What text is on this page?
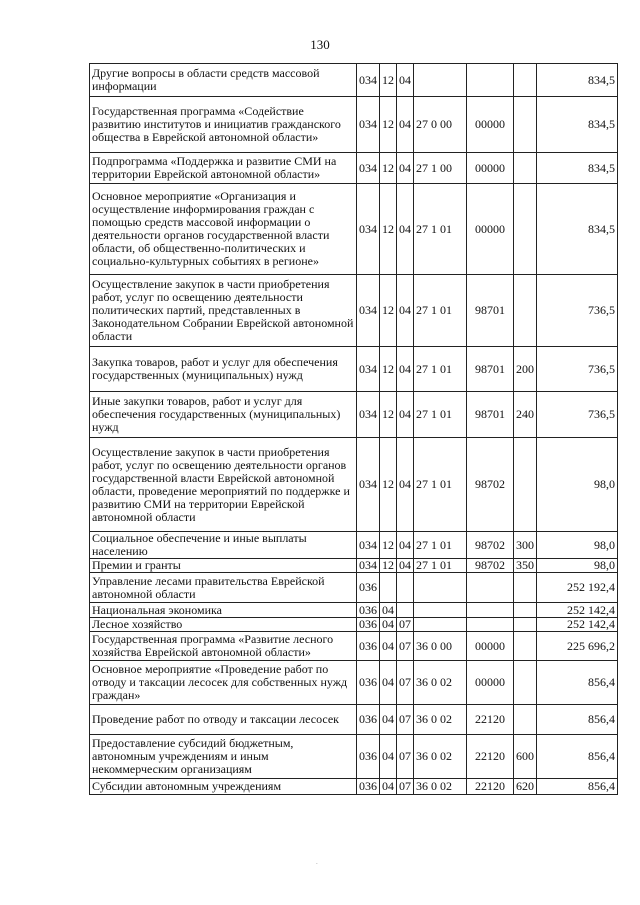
130
Другие вопросы в области средств массовой информации	034	12	04				834,5
Государственная программа «Содействие развитию институтов и инициатив гражданского общества в Еврейской автономной области»	034	12	04	27 0 00	00000		834,5
Подпрограмма «Поддержка и развитие СМИ на территории Еврейской автономной области»	034	12	04	27 1 00	00000		834,5
Основное мероприятие «Организация и осуществление информирования граждан с помощью средств массовой информации о деятельности органов государственной власти области, об общественно-политических и социально-культурных событиях в регионе»	034	12	04	27 1 01	00000		834,5
Осуществление закупок в части приобретения работ, услуг по освещению деятельности политических партий, представленных в Законодательном Собрании Еврейской автономной области	034	12	04	27 1 01	98701		736,5
Закупка товаров, работ и услуг для обеспечения государственных (муниципальных) нужд	034	12	04	27 1 01	98701	200	736,5
Иные закупки товаров, работ и услуг для обеспечения государственных (муниципальных) нужд	034	12	04	27 1 01	98701	240	736,5
Осуществление закупок в части приобретения работ, услуг по освещению деятельности органов государственной власти Еврейской автономной области, проведение мероприятий по поддержке и развитию СМИ на территории Еврейской автономной области	034	12	04	27 1 01	98702		98,0
Социальное обеспечение и иные выплаты населению	034	12	04	27 1 01	98702	300	98,0
Премии и гранты	034	12	04	27 1 01	98702	350	98,0
Управление лесами правительства Еврейской автономной области	036						252 192,4
Национальная экономика	036	04					252 142,4
Лесное хозяйство	036	04	07				252 142,4
Государственная программа «Развитие лесного хозяйства Еврейской автономной области»	036	04	07	36 0 00	00000		225 696,2
Основное мероприятие «Проведение работ по отводу и таксации лесосек для собственных нужд граждан»	036	04	07	36 0 02	00000		856,4
Проведение работ по отводу и таксации лесосек	036	04	07	36 0 02	22120		856,4
Предоставление субсидий бюджетным, автономным учреждениям и иным некоммерческим организациям	036	04	07	36 0 02	22120	600	856,4
Субсидии автономным учреждениям	036	04	07	36 0 02	22120	620	856,4
.
